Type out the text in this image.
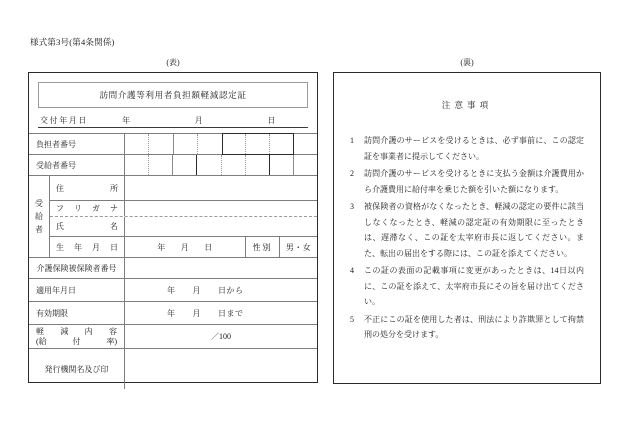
様式第3号(第4条関係)
(表)	(裏)
訪問介護等利用者負担額軽減認定証
交付年月日	年	月	日
負担者番号
受給者番号
受
給
者
住	所
フ リ ガ ナ
氏	名
生 年 月 日	年 月 日	性別	男・女
介護保険被保険者番号
適用年月日	年　　月　　日から
有効期限	年　　月　　日まで
軽 減 内 容
(給	付	率)	／100
発行機関名及び印
注意事項
1	訪問介護のサービスを受けるときは、必ず事前に、この認定証を事業者に提示してください。
2	訪問介護のサービスを受けるときに支払う金額は介護費用から介護費用に給付率を乗じた額を引いた額になります。
3	被保険者の資格がなくなったとき、軽減の認定の要件に該当しなくなったとき、軽減の認定証の有効期限に至ったときは、遅滞なく、この証を太宰府市長に返してください。また、転出の届出をする際には、この証を添えてください。
4	この証の表面の記載事項に変更があったときは、14日以内に、この証を添えて、太宰府市長にその旨を届け出てください。
5	不正にこの証を使用した者は、刑法により詐欺罪として拘禁刑の処分を受けます。
